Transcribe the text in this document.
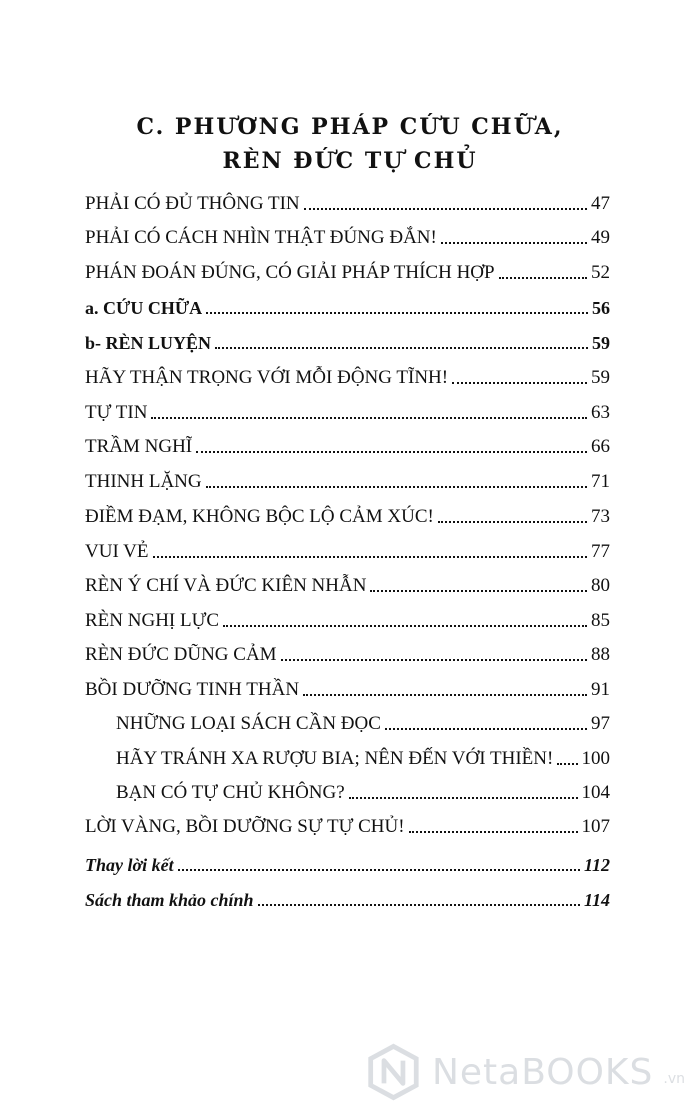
C. PHƯƠNG PHÁP CỨU CHỮA,
RÈN ĐỨC TỰ CHỦ
PHẢI CÓ ĐỦ THÔNG TIN	47
PHẢI CÓ CÁCH NHÌN THẬT ĐÚNG ĐẮN!	49
PHÁN ĐOÁN ĐÚNG, CÓ GIẢI PHÁP THÍCH HỢP	52
a. CỨU CHỮA	56
b- RÈN LUYỆN	59
HÃY THẬN TRỌNG VỚI MỖI ĐỘNG TĨNH!	59
TỰ TIN	63
TRẦM NGHĨ	66
THINH LẶNG	71
ĐIỀM ĐẠM, KHÔNG BỘC LỘ CẢM XÚC!	73
VUI VẺ	77
RÈN Ý CHÍ VÀ ĐỨC KIÊN NHẪN	80
RÈN NGHỊ LỰC	85
RÈN ĐỨC DŨNG CẢM	88
BỒI DƯỠNG TINH THẦN	91
NHỮNG LOẠI SÁCH CẦN ĐỌC	97
HÃY TRÁNH XA RƯỢU BIA; NÊN ĐẾN VỚI THIỀN! 100
BẠN CÓ TỰ CHỦ KHÔNG?	104
LỜI VÀNG, BỒI DƯỠNG SỰ TỰ CHỦ!	107
Thay lời kết	112
Sách tham khảo chính	114
NetaBOOKS .vn
